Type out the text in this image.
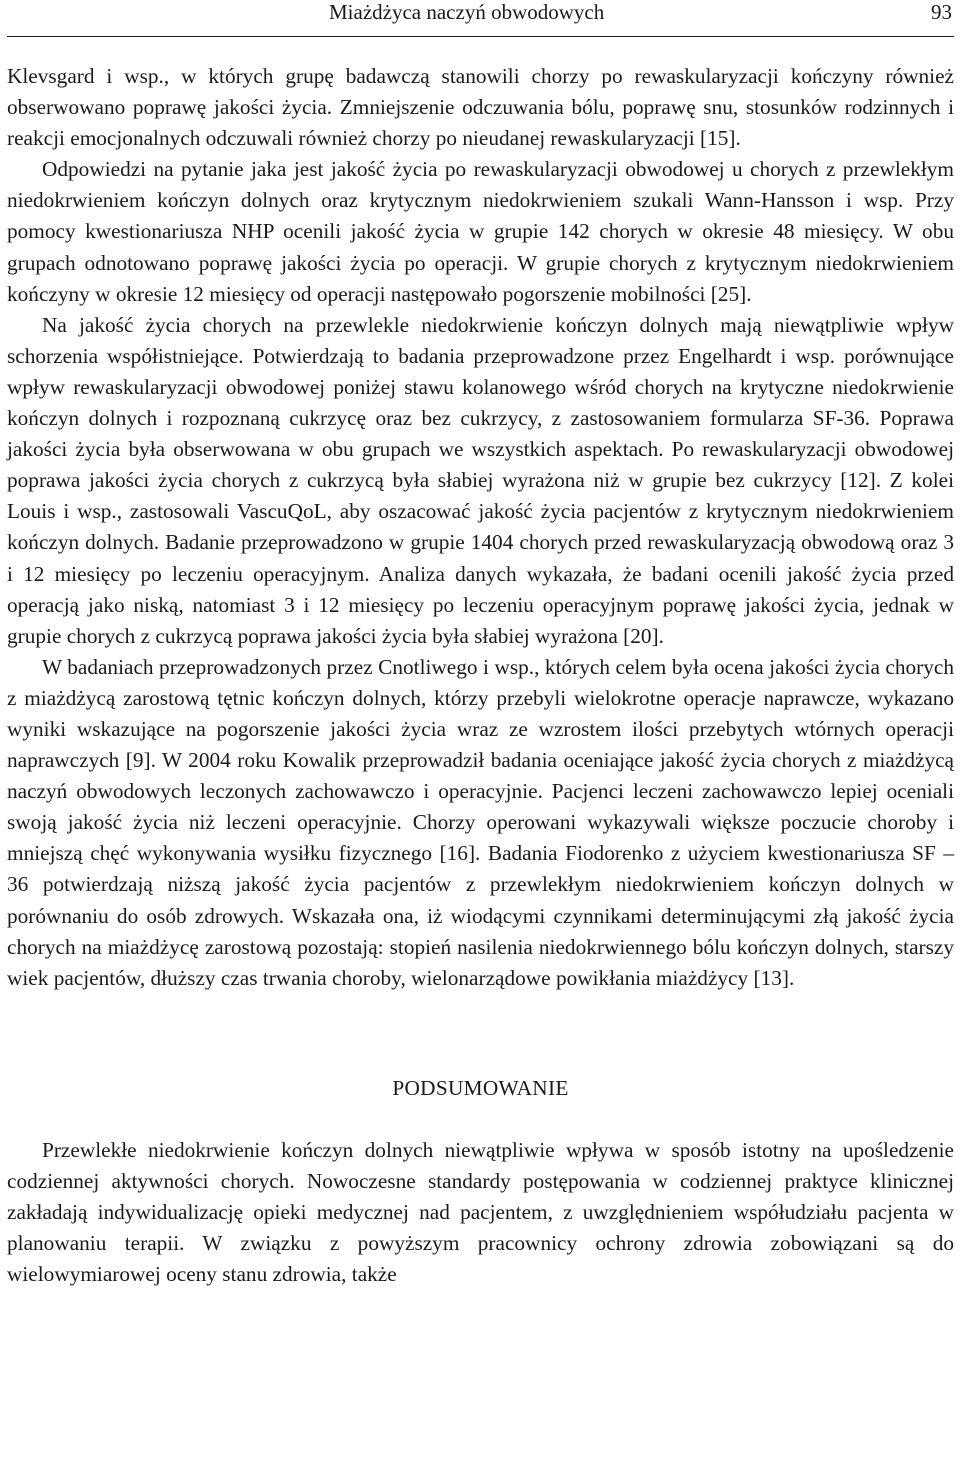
Miażdżyca naczyń obwodowych	93

Klevsgard i wsp., w których grupę badawczą stanowili chorzy po rewaskularyzacji kończyny również obserwowano poprawę jakości życia. Zmniejszenie odczuwania bólu, poprawę snu, stosunków rodzinnych i reakcji emocjonalnych odczuwali również chorzy po nieudanej rewaskularyzacji [15].

Odpowiedzi na pytanie jaka jest jakość życia po rewaskularyzacji obwodowej u chorych z przewlekłym niedokrwieniem kończyn dolnych oraz krytycznym niedokrwieniem szukali Wann-Hansson i wsp. Przy pomocy kwestionariusza NHP ocenili jakość życia w grupie 142 chorych w okresie 48 miesięcy. W obu grupach odnotowano poprawę jakości życia po operacji. W grupie chorych z krytycznym niedokrwieniem kończyny w okresie 12 miesięcy od operacji następowało pogorszenie mobilności [25].

Na jakość życia chorych na przewlekle niedokrwienie kończyn dolnych mają niewątpliwie wpływ schorzenia współistniejące. Potwierdzają to badania przeprowadzone przez Engelhardt i wsp. porównujące wpływ rewaskularyzacji obwodowej poniżej stawu kolanowego wśród chorych na krytyczne niedokrwienie kończyn dolnych i rozpoznaną cukrzycę oraz bez cukrzycy, z zastosowaniem formularza SF-36. Poprawa jakości życia była obserwowana w obu grupach we wszystkich aspektach. Po rewaskularyzacji obwodowej poprawa jakości życia chorych z cukrzycą była słabiej wyrażona niż w grupie bez cukrzycy [12]. Z kolei Louis i wsp., zastosowali VascuQoL, aby oszacować jakość życia pacjentów z krytycznym niedokrwieniem kończyn dolnych. Badanie przeprowadzono w grupie 1404 chorych przed rewaskularyzacją obwodową oraz 3 i 12 miesięcy po leczeniu operacyjnym. Analiza danych wykazała, że badani ocenili jakość życia przed operacją jako niską, natomiast 3 i 12 miesięcy po leczeniu operacyjnym poprawę jakości życia, jednak w grupie chorych z cukrzycą poprawa jakości życia była słabiej wyrażona [20].

W badaniach przeprowadzonych przez Cnotliwego i wsp., których celem była ocena jakości życia chorych z miażdżycą zarostową tętnic kończyn dolnych, którzy przebyli wielokrotne operacje naprawcze, wykazano wyniki wskazujące na pogorszenie jakości życia wraz ze wzrostem ilości przebytych wtórnych operacji naprawczych [9]. W 2004 roku Kowalik przeprowadził badania oceniające jakość życia chorych z miażdżycą naczyń obwodowych leczonych zachowawczo i operacyjnie. Pacjenci leczeni zachowawczo lepiej oceniali swoją jakość życia niż leczeni operacyjnie. Chorzy operowani wykazywali większe poczucie choroby i mniejszą chęć wykonywania wysiłku fizycznego [16]. Badania Fiodorenko z użyciem kwestionariusza SF – 36 potwierdzają niższą jakość życia pacjentów z przewlekłym niedokrwieniem kończyn dolnych w porównaniu do osób zdrowych. Wskazała ona, iż wiodącymi czynnikami determinującymi złą jakość życia chorych na miażdżycę zarostową pozostają: stopień nasilenia niedokrwiennego bólu kończyn dolnych, starszy wiek pacjentów, dłuższy czas trwania choroby, wielonarządowe powikłania miażdżycy [13].

PODSUMOWANIE

Przewlekłe niedokrwienie kończyn dolnych niewątpliwie wpływa w sposób istotny na upośledzenie codziennej aktywności chorych. Nowoczesne standardy postępowania w codziennej praktyce klinicznej zakładają indywidualizację opieki medycznej nad pacjentem, z uwzględnieniem współudziału pacjenta w planowaniu terapii. W związku z powyższym pracownicy ochrony zdrowia zobowiązani są do wielowymiarowej oceny stanu zdrowia, także
